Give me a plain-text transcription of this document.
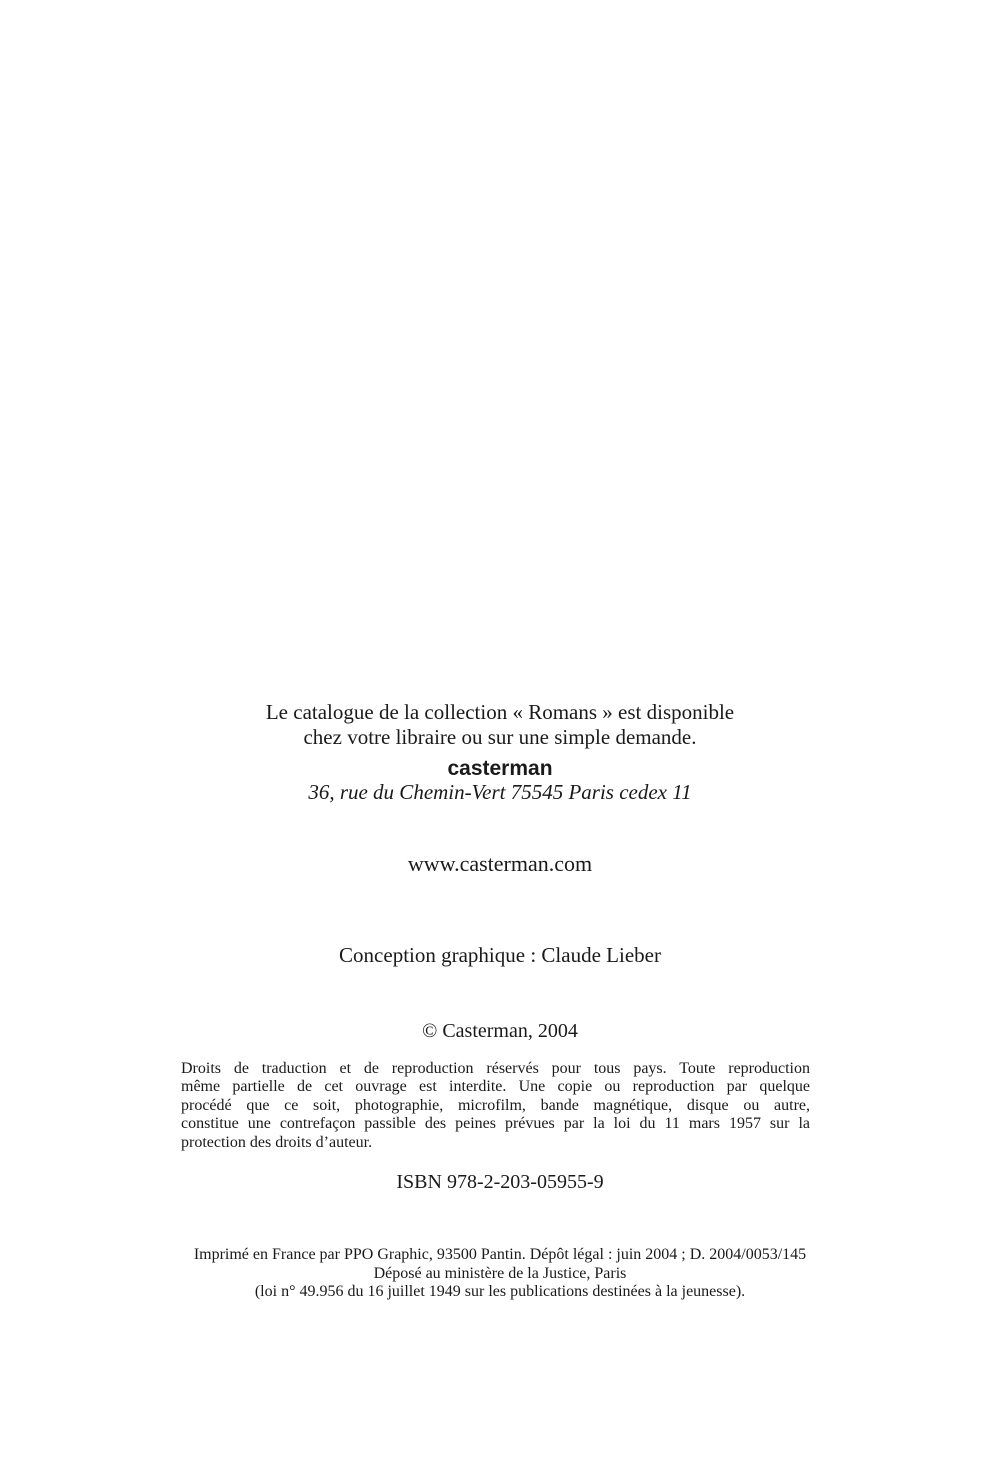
Le catalogue de la collection « Romans » est disponible
chez votre libraire ou sur une simple demande.
casterman
36, rue du Chemin-Vert 75545 Paris cedex 11
www.casterman.com
Conception graphique : Claude Lieber
© Casterman, 2004
Droits de traduction et de reproduction réservés pour tous pays. Toute reproduction
même partielle de cet ouvrage est interdite. Une copie ou reproduction par quelque
procédé que ce soit, photographie, microfilm, bande magnétique, disque ou autre,
constitue une contrefaçon passible des peines prévues par la loi du 11 mars 1957 sur la
protection des droits d’auteur.
ISBN 978-2-203-05955-9
Imprimé en France par PPO Graphic, 93500 Pantin. Dépôt légal : juin 2004 ; D. 2004/0053/145
Déposé au ministère de la Justice, Paris
(loi n° 49.956 du 16 juillet 1949 sur les publications destinées à la jeunesse).
